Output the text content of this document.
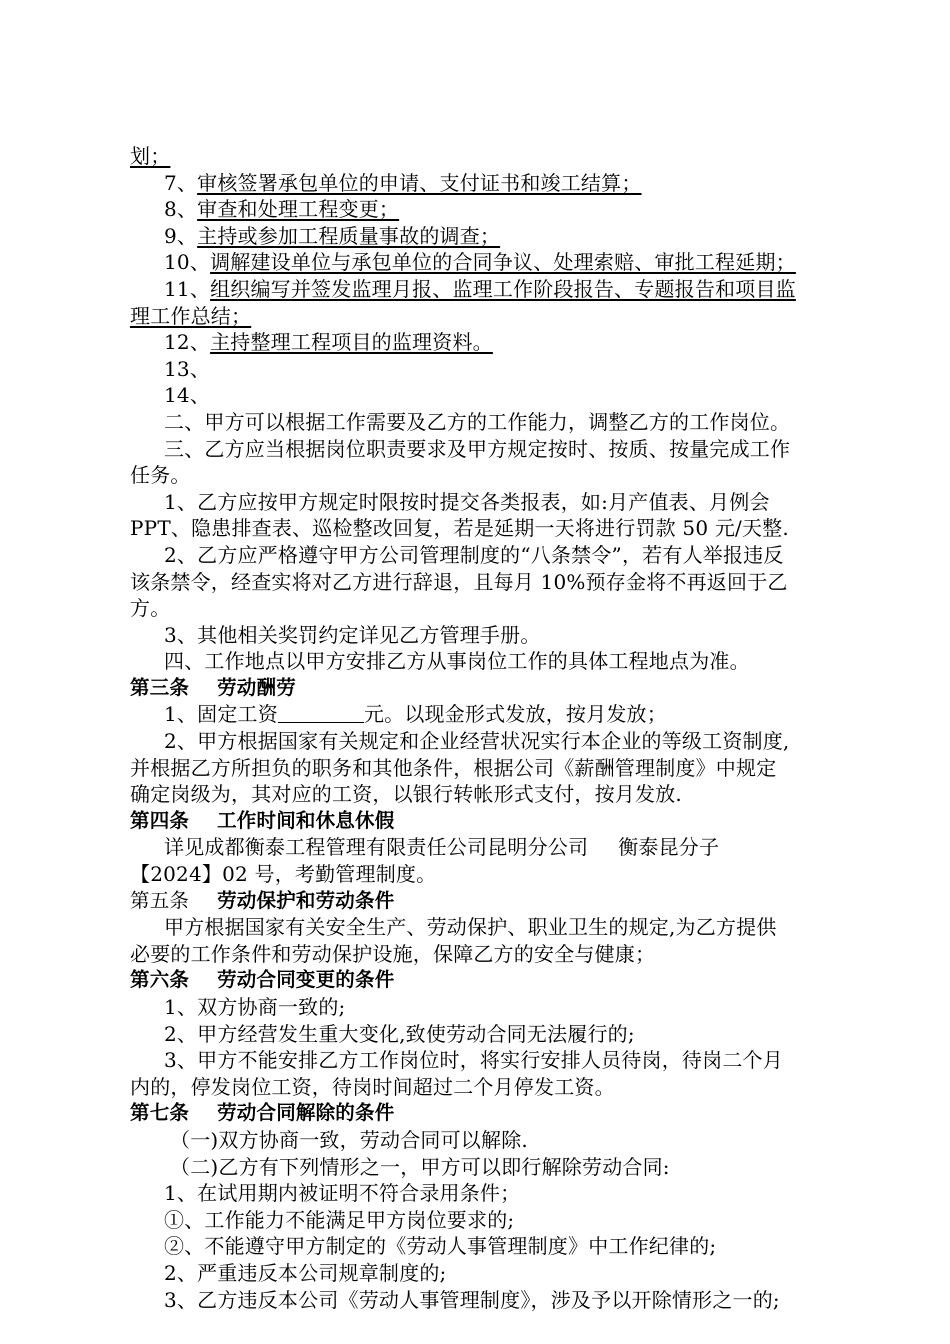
划；
7、审核签署承包单位的申请、支付证书和竣工结算；
8、审查和处理工程变更；
9、主持或参加工程质量事故的调查；
10、调解建设单位与承包单位的合同争议、处理索赔、审批工程延期；
11、组织编写并签发监理月报、监理工作阶段报告、专题报告和项目监
理工作总结；
12、主持整理工程项目的监理资料。
13、
14、
二、甲方可以根据工作需要及乙方的工作能力，调整乙方的工作岗位。
三、乙方应当根据岗位职责要求及甲方规定按时、按质、按量完成工作
任务。
1、乙方应按甲方规定时限按时提交各类报表，如:月产值表、月例会
PPT、隐患排查表、巡检整改回复，若是延期一天将进行罚款 50 元/天整.
2、乙方应严格遵守甲方公司管理制度的“八条禁令”，若有人举报违反
该条禁令，经查实将对乙方进行辞退，且每月 10%预存金将不再返回于乙
方。
3、其他相关奖罚约定详见乙方管理手册。
四、工作地点以甲方安排乙方从事岗位工作的具体工程地点为准。
第三条 劳动酬劳
1、固定工资	元。以现金形式发放，按月发放；
2、甲方根据国家有关规定和企业经营状况实行本企业的等级工资制度,
并根据乙方所担负的职务和其他条件，根据公司《薪酬管理制度》中规定
确定岗级为，其对应的工资，以银行转帐形式支付，按月发放.
第四条 工作时间和休息休假
详见成都衡泰工程管理有限责任公司昆明分公司 衡泰昆分子
【2024】02 号，考勤管理制度。
第五条 劳动保护和劳动条件
甲方根据国家有关安全生产、劳动保护、职业卫生的规定,为乙方提供
必要的工作条件和劳动保护设施，保障乙方的安全与健康；
第六条 劳动合同变更的条件
1、双方协商一致的;
2、甲方经营发生重大变化,致使劳动合同无法履行的;
3、甲方不能安排乙方工作岗位时，将实行安排人员待岗，待岗二个月
内的，停发岗位工资，待岗时间超过二个月停发工资。
第七条 劳动合同解除的条件
（一)双方协商一致，劳动合同可以解除.
（二)乙方有下列情形之一，甲方可以即行解除劳动合同:
1、在试用期内被证明不符合录用条件；
①、工作能力不能满足甲方岗位要求的;
②、不能遵守甲方制定的《劳动人事管理制度》中工作纪律的;
2、严重违反本公司规章制度的;
3、乙方违反本公司《劳动人事管理制度》，涉及予以开除情形之一的;
